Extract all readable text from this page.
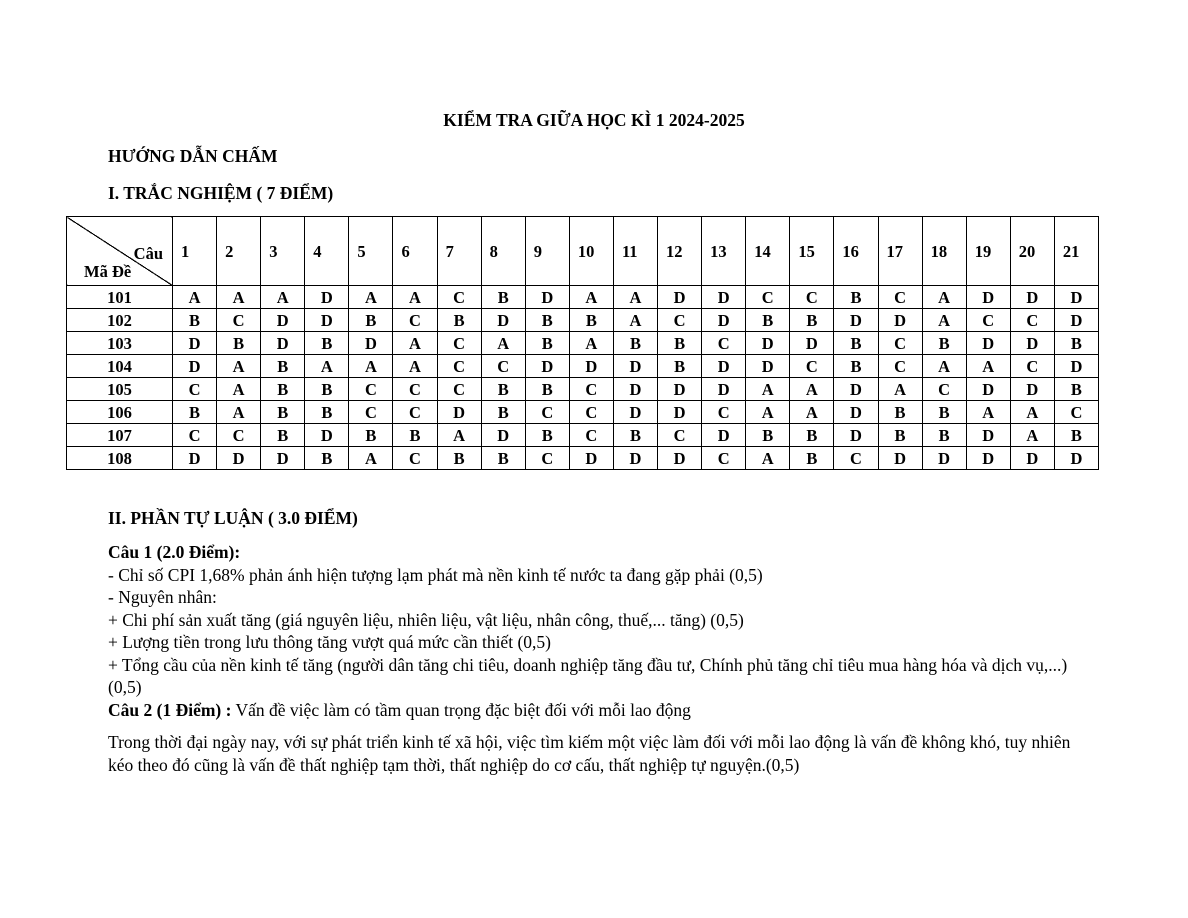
KIỂM TRA GIỮA HỌC KÌ 1 2024-2025
HƯỚNG DẪN CHẤM
I. TRẮC NGHIỆM ( 7 ĐIỂM)
Câu
Mã Đề	1	2	3	4	5	6	7	8	9	10	11	12	13	14	15	16	17	18	19	20	21
101	A	A	A	D	A	A	C	B	D	A	A	D	D	C	C	B	C	A	D	D	D
102	B	C	D	D	B	C	B	D	B	B	A	C	D	B	B	D	D	A	C	C	D
103	D	B	D	B	D	A	C	A	B	A	B	B	C	D	D	B	C	B	D	D	B
104	D	A	B	A	A	A	C	C	D	D	D	B	D	D	C	B	C	A	A	C	D
105	C	A	B	B	C	C	C	B	B	C	D	D	D	A	A	D	A	C	D	D	B
106	B	A	B	B	C	C	D	B	C	C	D	D	C	A	A	D	B	B	A	A	C
107	C	C	B	D	B	B	A	D	B	C	B	C	D	B	B	D	B	B	D	A	B
108	D	D	D	B	A	C	B	B	C	D	D	D	C	A	B	C	D	D	D	D	D
II. PHẦN TỰ LUẬN ( 3.0 ĐIỂM)

Câu 1 (2.0 Điểm):

- Chỉ số CPI 1,68% phản ánh hiện tượng lạm phát mà nền kinh tế nước ta đang gặp phải (0,5)

- Nguyên nhân:

+ Chi phí sản xuất tăng (giá nguyên liệu, nhiên liệu, vật liệu, nhân công, thuế,... tăng) (0,5)

+ Lượng tiền trong lưu thông tăng vượt quá mức cần thiết (0,5)

+ Tổng cầu của nền kinh tế tăng (người dân tăng chi tiêu, doanh nghiệp tăng đầu tư, Chính phủ tăng chỉ tiêu mua hàng hóa và dịch vụ,...) (0,5)

Câu 2 (1 Điểm) : Vấn đề việc làm có tầm quan trọng đặc biệt đối với mỗi lao động

Trong thời đại ngày nay, với sự phát triển kinh tế xã hội, việc tìm kiếm một việc làm đối với mỗi lao động là vấn đề không khó, tuy nhiên kéo theo đó cũng là vấn đề thất nghiệp tạm thời, thất nghiệp do cơ cấu, thất nghiệp tự nguyện.(0,5)
